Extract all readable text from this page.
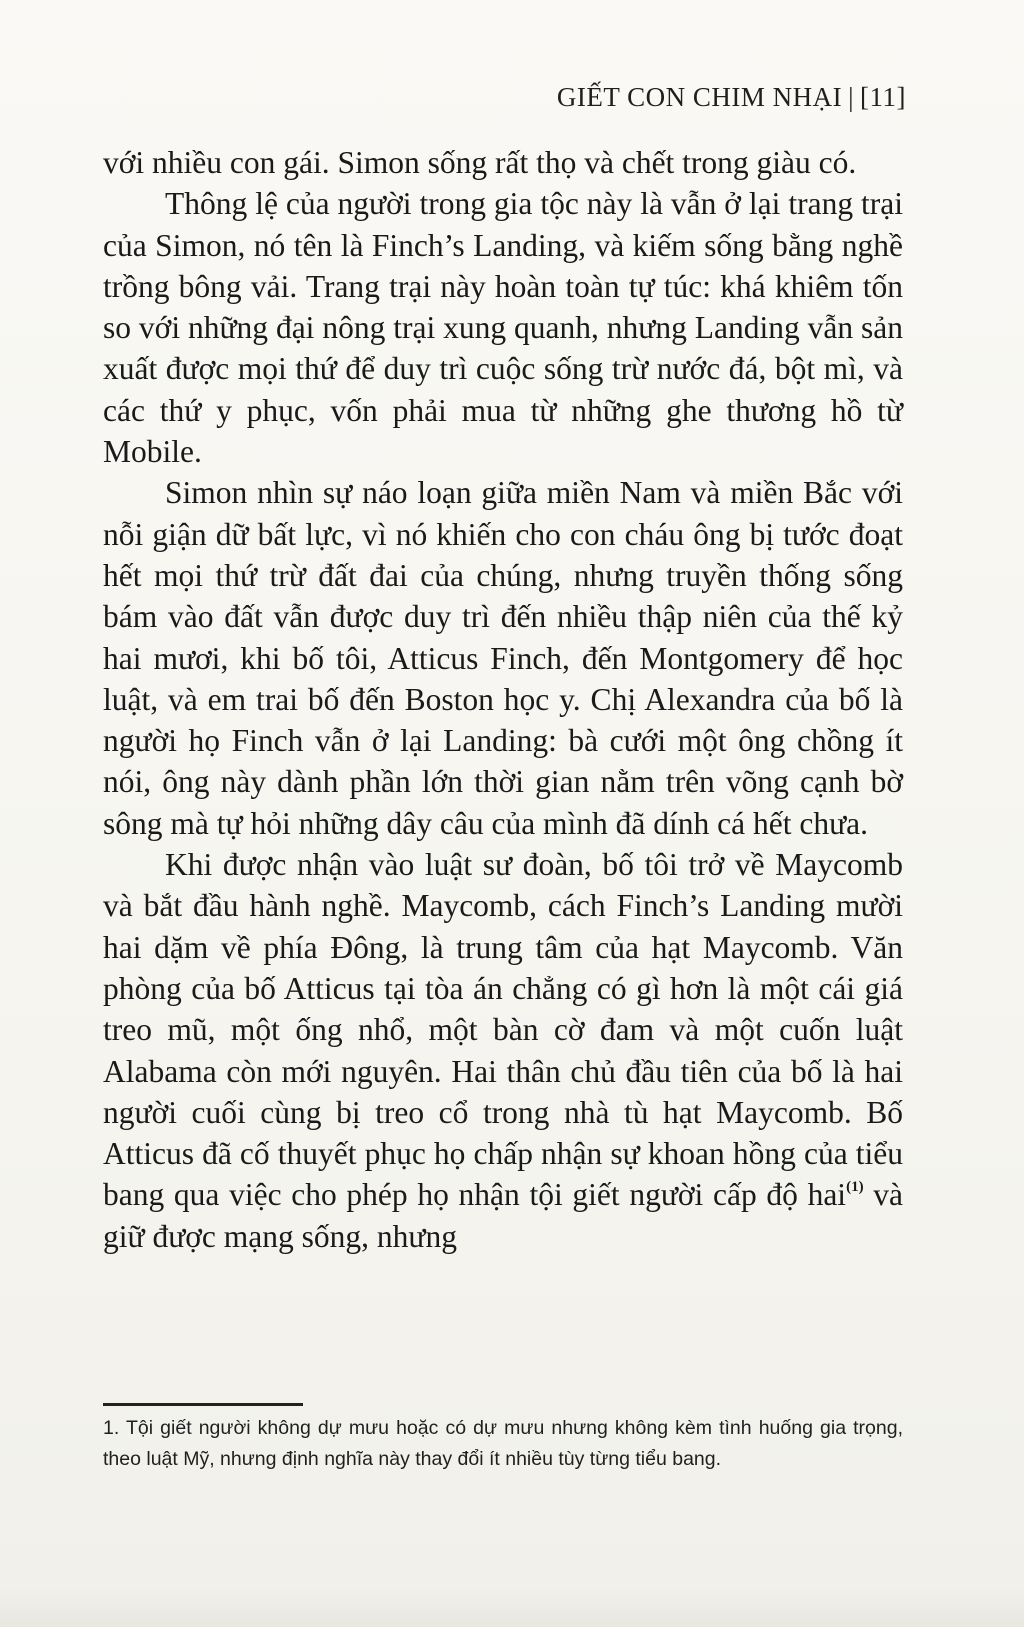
GIẾT CON CHIM NHẠI | [11]

với nhiều con gái. Simon sống rất thọ và chết trong giàu có.

Thông lệ của người trong gia tộc này là vẫn ở lại trang trại của Simon, nó tên là Finch’s Landing, và kiếm sống bằng nghề trồng bông vải. Trang trại này hoàn toàn tự túc: khá khiêm tốn so với những đại nông trại xung quanh, nhưng Landing vẫn sản xuất được mọi thứ để duy trì cuộc sống trừ nước đá, bột mì, và các thứ y phục, vốn phải mua từ những ghe thương hồ từ Mobile.

Simon nhìn sự náo loạn giữa miền Nam và miền Bắc với nỗi giận dữ bất lực, vì nó khiến cho con cháu ông bị tước đoạt hết mọi thứ trừ đất đai của chúng, nhưng truyền thống sống bám vào đất vẫn được duy trì đến nhiều thập niên của thế kỷ hai mươi, khi bố tôi, Atticus Finch, đến Montgomery để học luật, và em trai bố đến Boston học y. Chị Alexandra của bố là người họ Finch vẫn ở lại Landing: bà cưới một ông chồng ít nói, ông này dành phần lớn thời gian nằm trên võng cạnh bờ sông mà tự hỏi những dây câu của mình đã dính cá hết chưa.

Khi được nhận vào luật sư đoàn, bố tôi trở về Maycomb và bắt đầu hành nghề. Maycomb, cách Finch’s Landing mười hai dặm về phía Đông, là trung tâm của hạt Maycomb. Văn phòng của bố Atticus tại tòa án chẳng có gì hơn là một cái giá treo mũ, một ống nhổ, một bàn cờ đam và một cuốn luật Alabama còn mới nguyên. Hai thân chủ đầu tiên của bố là hai người cuối cùng bị treo cổ trong nhà tù hạt Maycomb. Bố Atticus đã cố thuyết phục họ chấp nhận sự khoan hồng của tiểu bang qua việc cho phép họ nhận tội giết người cấp độ hai$^{(1)}$ và giữ được mạng sống, nhưng

1. Tội giết người không dự mưu hoặc có dự mưu nhưng không kèm tình huống gia trọng, theo luật Mỹ, nhưng định nghĩa này thay đổi ít nhiều tùy từng tiểu bang.
